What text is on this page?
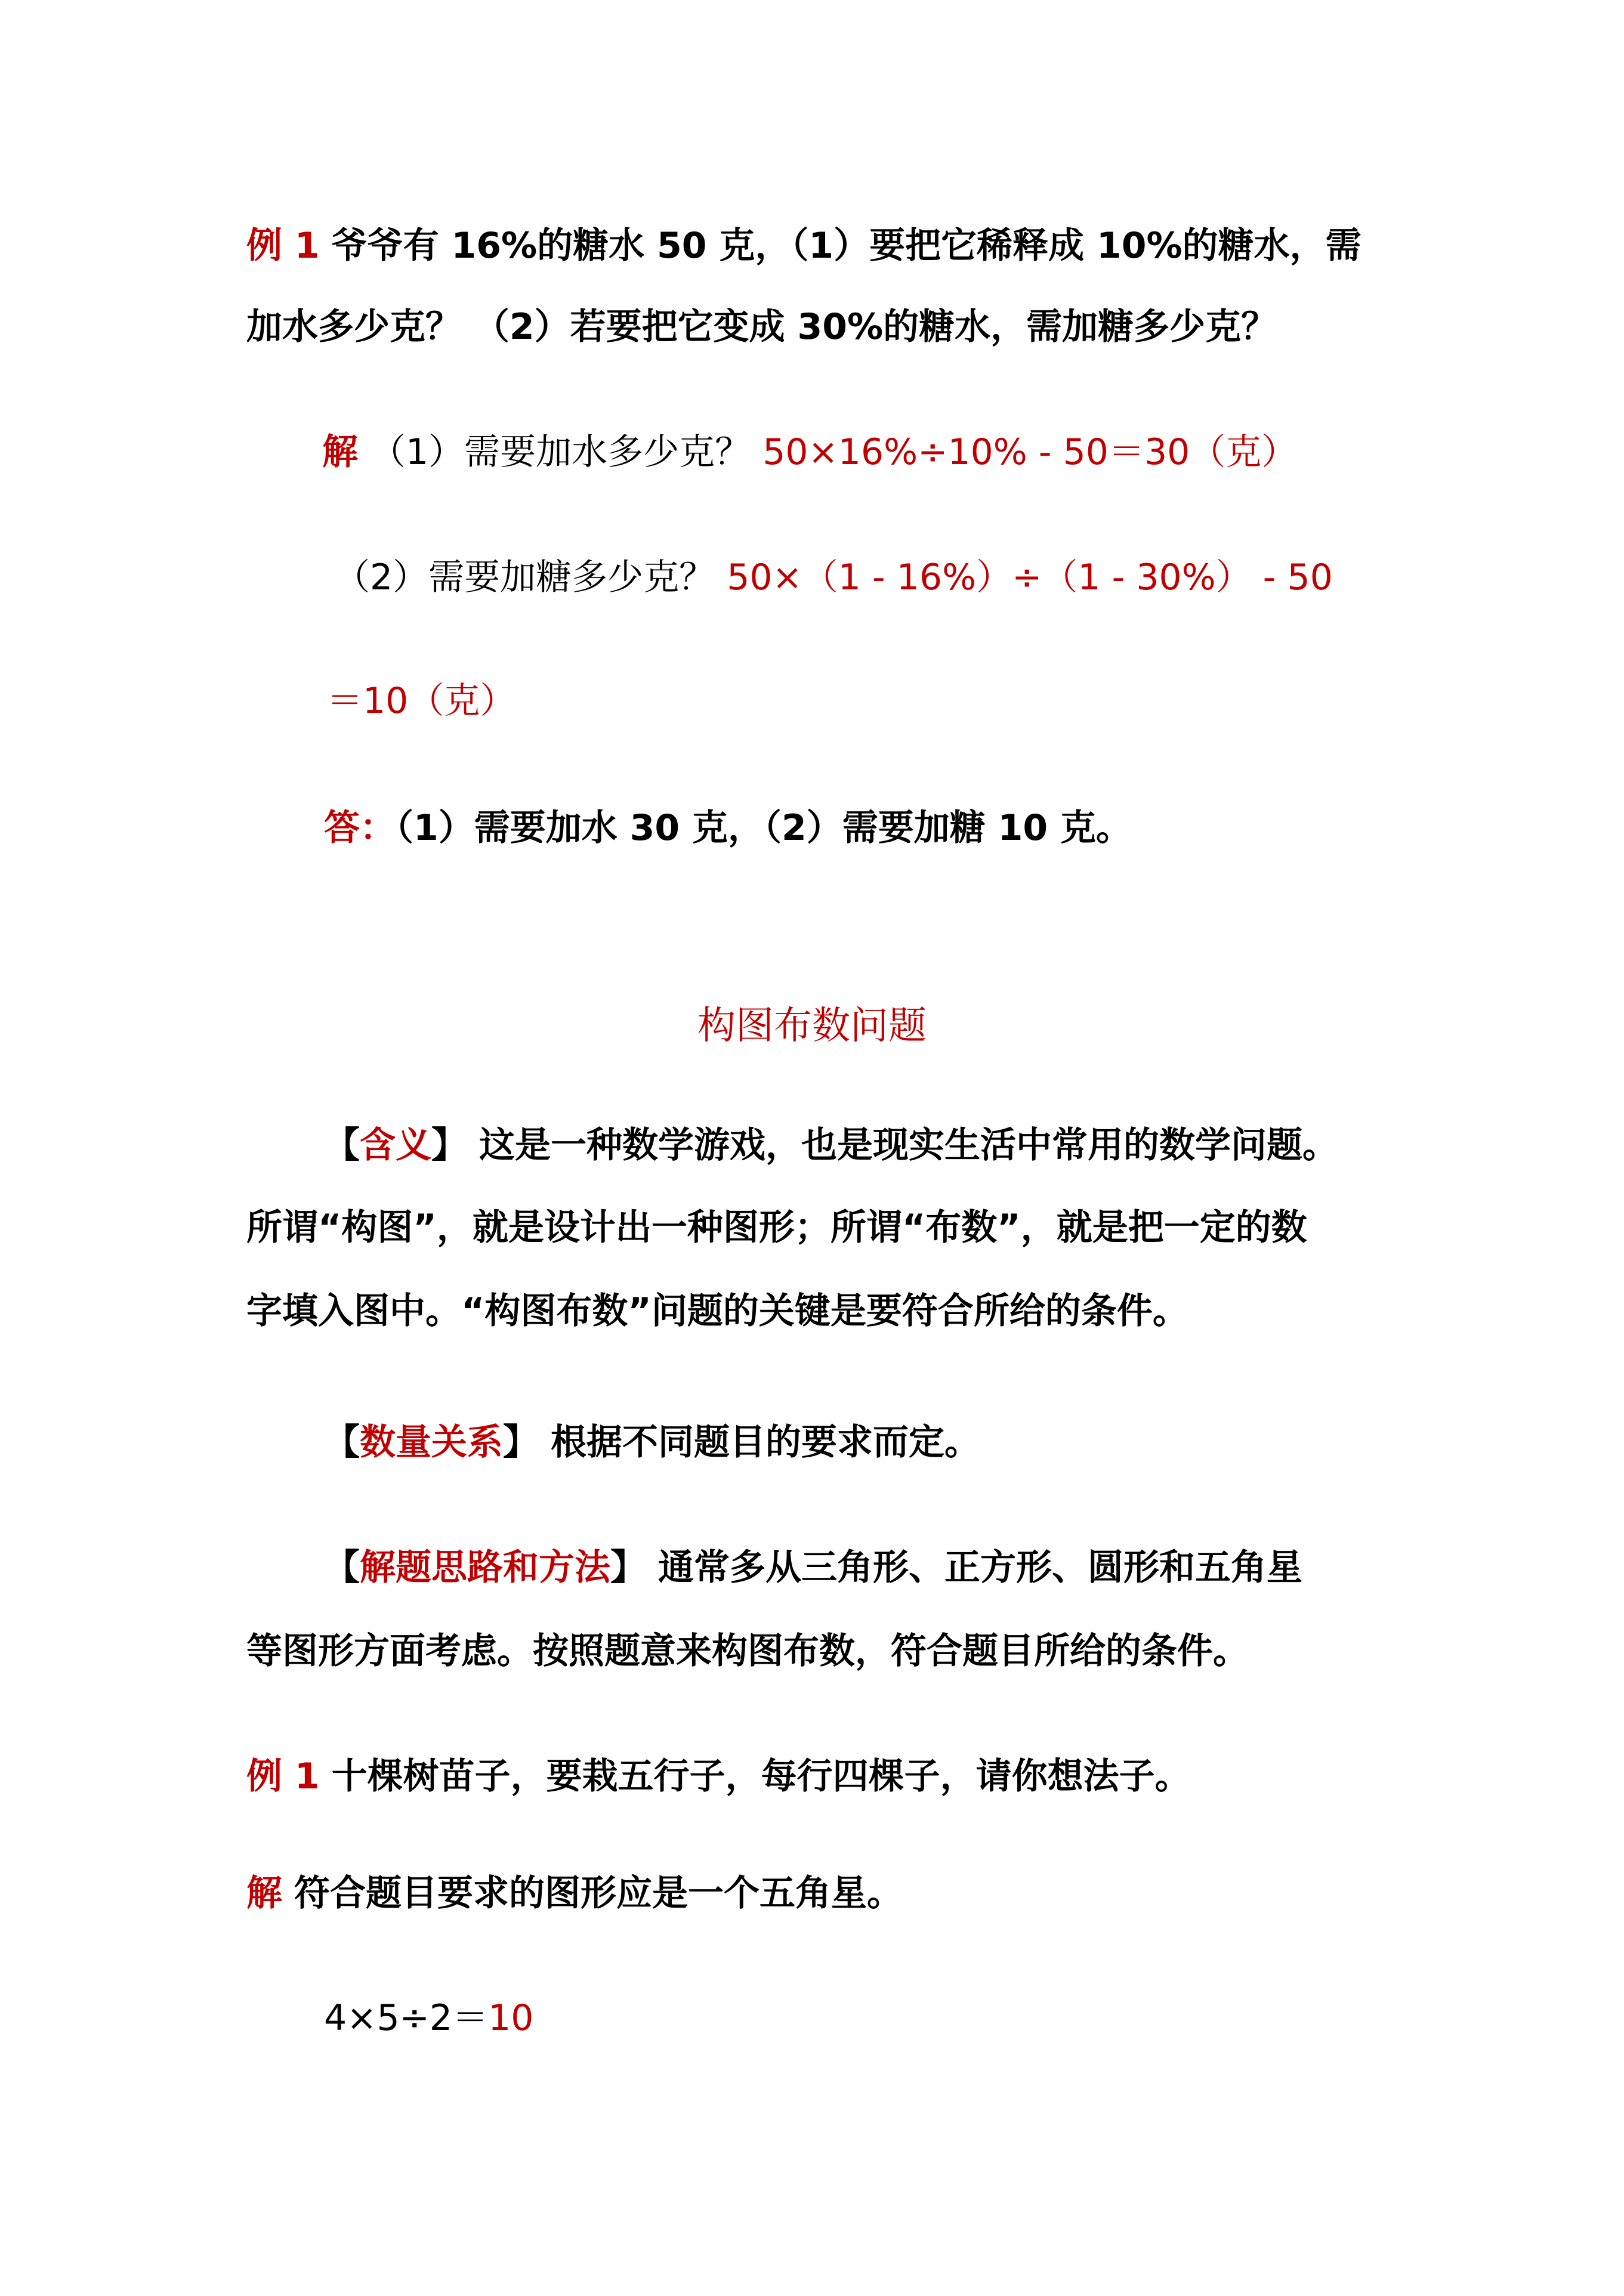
例 1 爷爷有 16%的糖水 50 克，（1）要把它稀释成 10%的糖水，需
加水多少克？ （2）若要把它变成 30%的糖水，需加糖多少克？
解 （1）需要加水多少克？ 50×16%÷10% - 50＝30（克）
（2）需要加糖多少克？ 50×（1 - 16%）÷（1 - 30%） - 50
＝10（克）
答：（1）需要加水 30 克，（2）需要加糖 10 克。
构图布数问题
【含义】 这是一种数学游戏，也是现实生活中常用的数学问题。
所谓“构图”，就是设计出一种图形；所谓“布数”，就是把一定的数
字填入图中。“构图布数”问题的关键是要符合所给的条件。
【数量关系】 根据不同题目的要求而定。
【解题思路和方法】 通常多从三角形、正方形、圆形和五角星
等图形方面考虑。按照题意来构图布数，符合题目所给的条件。
例 1 十棵树苗子，要栽五行子，每行四棵子，请你想法子。
解 符合题目要求的图形应是一个五角星。
4×5÷2＝10
